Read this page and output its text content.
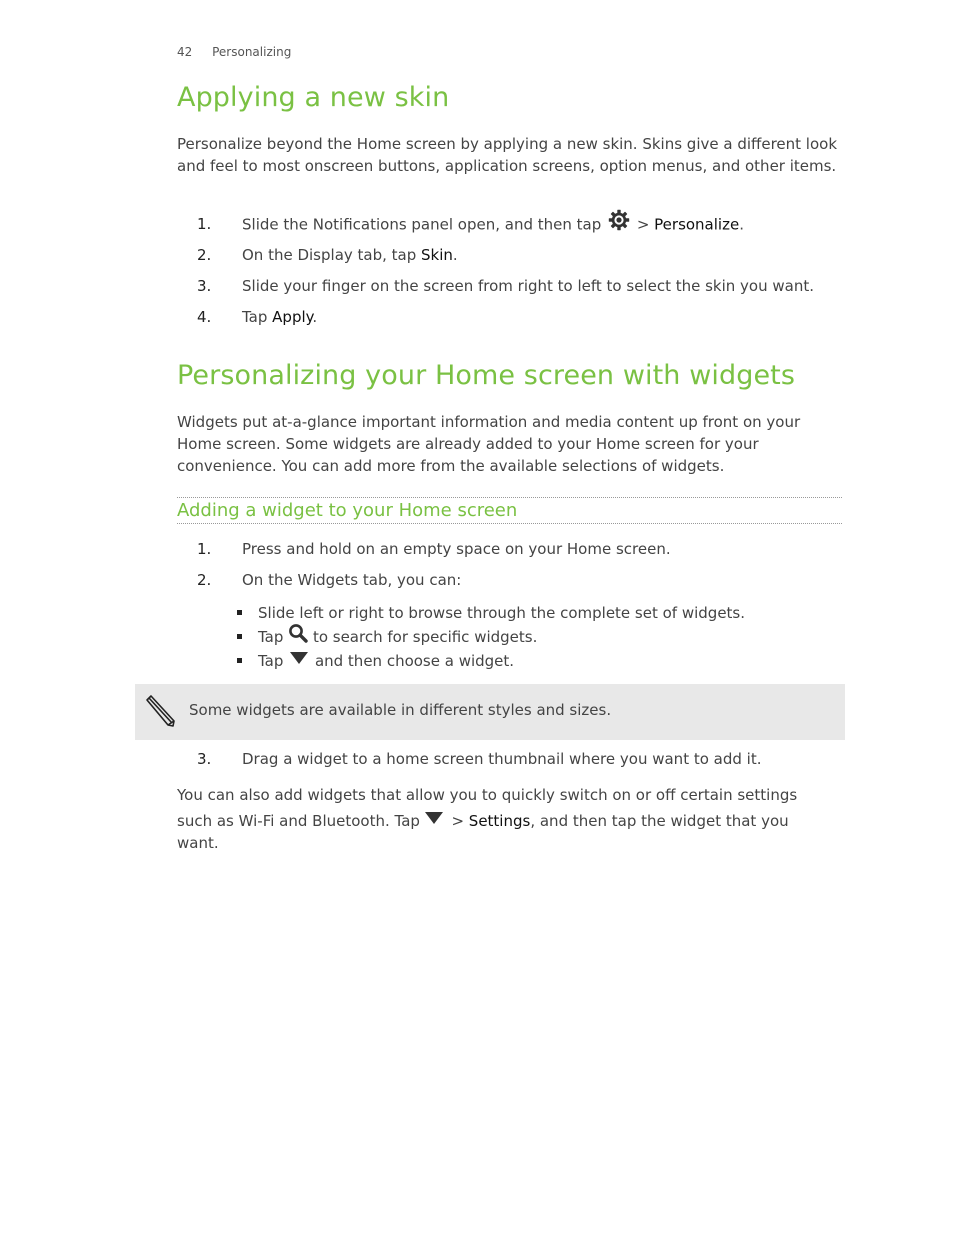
42 Personalizing
Applying a new skin

Personalize beyond the Home screen by applying a new skin. Skins give a different look and feel to most onscreen buttons, application screens, option menus, and other items.

1. Slide the Notifications panel open, and then tap  > Personalize.
2. On the Display tab, tap Skin.
3. Slide your finger on the screen from right to left to select the skin you want.
4. Tap Apply.
Personalizing your Home screen with widgets

Widgets put at-a-glance important information and media content up front on your Home screen. Some widgets are already added to your Home screen for your convenience. You can add more from the available selections of widgets.

Adding a widget to your Home screen
1. Press and hold on an empty space on your Home screen.
2. On the Widgets tab, you can:
Slide left or right to browse through the complete set of widgets.
Tap  to search for specific widgets.
Tap  and then choose a widget.
Some widgets are available in different styles and sizes.
3. Drag a widget to a home screen thumbnail where you want to add it.
You can also add widgets that allow you to quickly switch on or off certain settings
such as Wi-Fi and Bluetooth. Tap  > Settings, and then tap the widget that you
want.
